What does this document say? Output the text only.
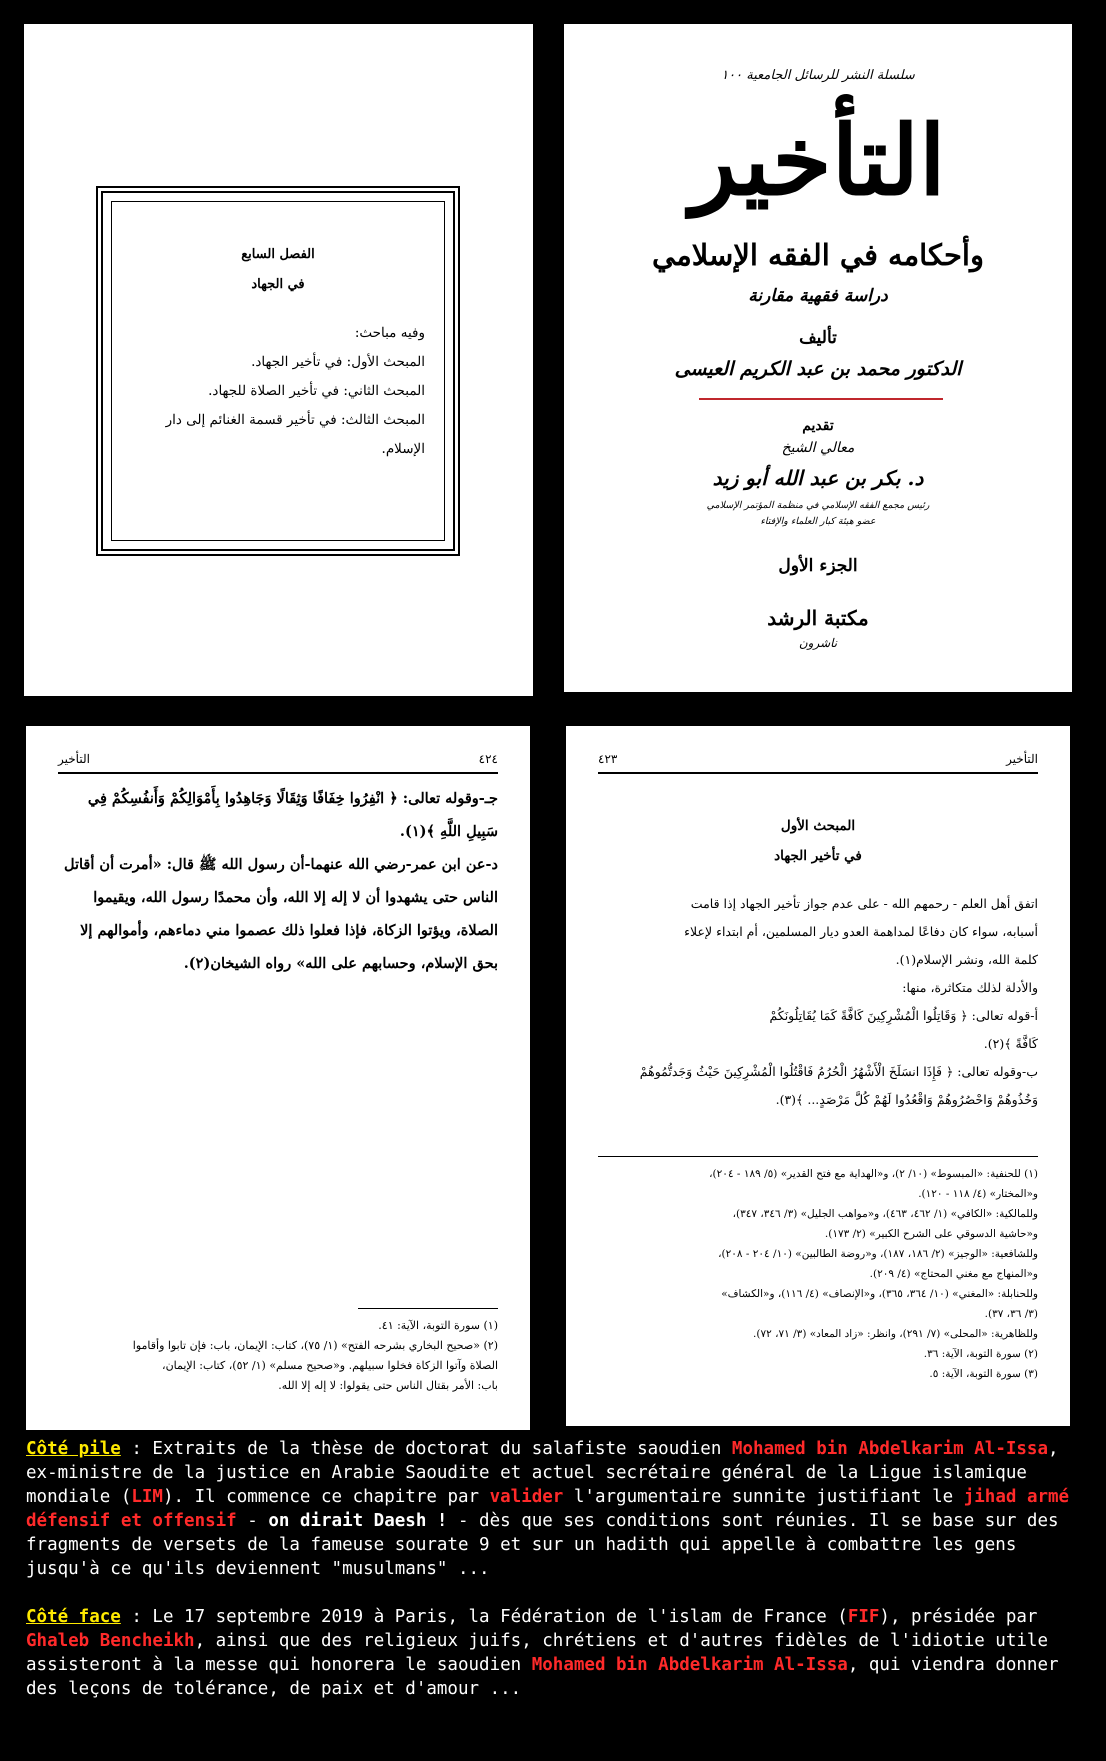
الفصل السابع
في الجهاد
وفيه مباحث:
المبحث الأول: في تأخير الجهاد.
المبحث الثاني: في تأخير الصلاة للجهاد.
المبحث الثالث: في تأخير قسمة الغنائم إلى دار
الإسلام.
سلسلة النشر للرسائل الجامعية ١٠٠
التأخير
وأحكامه في الفقه الإسلامي
دراسة فقهية مقارنة
تأليف
الدكتور محمد بن عبد الكريم العيسى
تقديم
معالي الشيخ
د. بكر بن عبد الله أبو زيد
رئيس مجمع الفقه الإسلامي في منظمة المؤتمر الإسلامي
عضو هيئة كبار العلماء والإفتاء
الجزء الأول
مكتبة الرشد
ناشرون
التأخير	٤٢٤
جـ-وقوله تعالى: ﴿ انْفِرُوا خِفَافًا وَثِقَالًا وَجَاهِدُوا بِأَمْوَالِكُمْ وَأَنفُسِكُمْ فِي
سَبِيلِ اللَّهِ ﴾(١).
د-عن ابن عمر-رضي الله عنهما-أن رسول الله ﷺ قال: «أمرت أن أقاتل
الناس حتى يشهدوا أن لا إله إلا الله، وأن محمدًا رسول الله، ويقيموا
الصلاة، ويؤتوا الزكاة، فإذا فعلوا ذلك عصموا مني دماءهم، وأموالهم إلا
بحق الإسلام، وحسابهم على الله» رواه الشيخان(٢).
(١) سورة التوبة، الآية: ٤١.
(٢) «صحيح البخاري بشرحه الفتح» (١/ ٧٥)، كتاب: الإيمان، باب: فإن تابوا وأقاموا
الصلاة وآتوا الزكاة فخلوا سبيلهم. و«صحيح مسلم» (١/ ٥٢)، كتاب: الإيمان،
باب: الأمر بقتال الناس حتى يقولوا: لا إله إلا الله.
٤٢٣	التأخير
المبحث الأول
في تأخير الجهاد
اتفق أهل العلم - رحمهم الله - على عدم جواز تأخير الجهاد إذا قامت
أسبابه، سواء كان دفاعًا لمداهمة العدو ديار المسلمين، أم ابتداء لإعلاء
كلمة الله، ونشر الإسلام(١).
والأدلة لذلك متكاثرة، منها:
أ-قوله تعالى: ﴿ وَقَاتِلُوا الْمُشْرِكِينَ كَافَّةً كَمَا يُقَاتِلُونَكُمْ
كَافَّةً ﴾(٢).
ب-وقوله تعالى: ﴿ فَإِذَا انسَلَخَ الْأَشْهُرُ الْحُرُمُ فَاقْتُلُوا الْمُشْرِكِينَ حَيْثُ وَجَدتُّمُوهُمْ
وَخُذُوهُمْ وَاحْصُرُوهُمْ وَاقْعُدُوا لَهُمْ كُلَّ مَرْصَدٍ... ﴾(٣).
(١) للحنفية: «المبسوط» (١٠/ ٢)، و«الهداية مع فتح القدير» (٥/ ١٨٩ - ٢٠٤)،
و«المختار» (٤/ ١١٨ - ١٢٠).
وللمالكية: «الكافي» (١/ ٤٦٢، ٤٦٣)، و«مواهب الجليل» (٣/ ٣٤٦، ٣٤٧)،
و«حاشية الدسوقي على الشرح الكبير» (٢/ ١٧٣).
وللشافعية: «الوجيز» (٢/ ١٨٦، ١٨٧)، و«روضة الطالبين» (١٠/ ٢٠٤ - ٢٠٨)،
و«المنهاج مع مغني المحتاج» (٤/ ٢٠٩).
وللحنابلة: «المغني» (١٠/ ٣٦٤، ٣٦٥)، و«الإنصاف» (٤/ ١١٦)، و«الكشاف»
(٣/ ٣٦، ٣٧).
وللظاهرية: «المحلى» (٧/ ٢٩١)، وانظر: «زاد المعاد» (٣/ ٧١، ٧٢).
(٢) سورة التوبة، الآية: ٣٦.
(٣) سورة التوبة، الآية: ٥.

Côté pile : Extraits de la thèse de doctorat du salafiste saoudien Mohamed bin Abdelkarim Al-Issa, ex-ministre de la justice en Arabie Saoudite et actuel secrétaire général de la Ligue islamique mondiale (LIM). Il commence ce chapitre par valider l'argumentaire sunnite justifiant le jihad armé défensif et offensif - on dirait Daesh ! - dès que ses conditions sont réunies. Il se base sur des fragments de versets de la fameuse sourate 9 et sur un hadith qui appelle à combattre les gens jusqu'à ce qu'ils deviennent "musulmans" ...

Côté face : Le 17 septembre 2019 à Paris, la Fédération de l'islam de France (FIF), présidée par Ghaleb Bencheikh, ainsi que des religieux juifs, chrétiens et d'autres fidèles de l'idiotie utile assisteront à la messe qui honorera le saoudien Mohamed bin Abdelkarim Al-Issa, qui viendra donner des leçons de tolérance, de paix et d'amour ...
